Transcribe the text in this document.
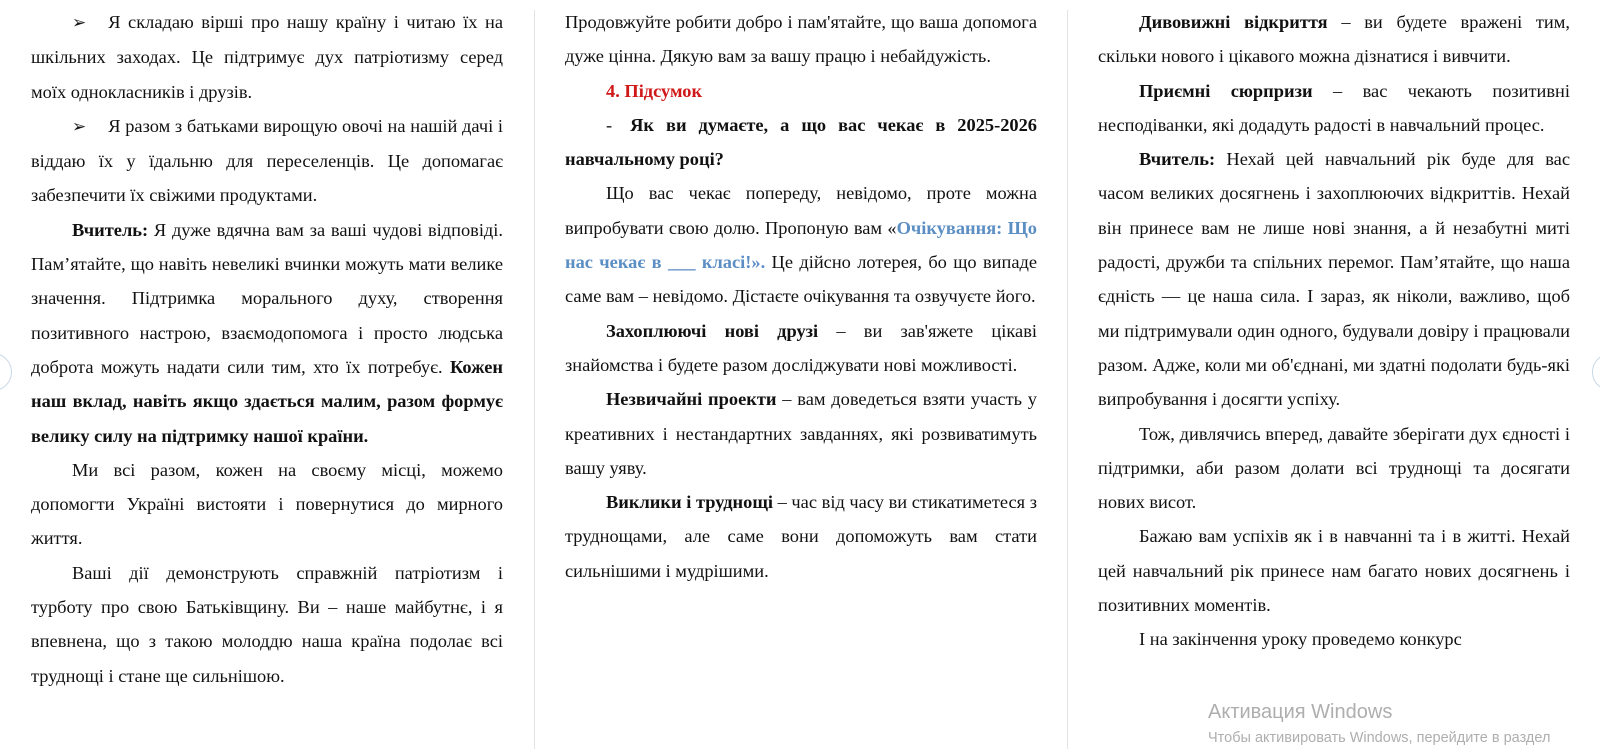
➢ Я складаю вірші про нашу країну і читаю їх на шкільних заходах. Це підтримує дух патріотизму серед моїх однокласників і друзів.

➢ Я разом з батьками вирощую овочі на нашій дачі і віддаю їх у їдальню для переселенців. Це допомагає забезпечити їх свіжими продуктами.

Вчитель: Я дуже вдячна вам за ваші чудові відповіді. Пам’ятайте, що навіть невеликі вчинки можуть мати велике значення. Підтримка морального духу, створення позитивного настрою, взаємодопомога і просто людська доброта можуть надати сили тим, хто їх потребує. Кожен наш вклад, навіть якщо здається малим, разом формує велику силу на підтримку нашої країни.

Ми всі разом, кожен на своєму місці, можемо допомогти Україні вистояти і повернутися до мирного життя.

Ваші дії демонструють справжній патріотизм і турботу про свою Батьківщину. Ви – наше майбутнє, і я впевнена, що з такою молоддю наша країна подолає всі труднощі і стане ще сильнішою.

Продовжуйте робити добро і пам'ятайте, що ваша допомога дуже цінна. Дякую вам за вашу працю і небайдужість.

4. Підсумок

- Як ви думаєте, а що вас чекає в 2025-2026 навчальному році?

Що вас чекає попереду, невідомо, проте можна випробувати свою долю. Пропоную вам «Очікування: Що нас чекає в ___ класі!». Це дійсно лотерея, бо що випаде саме вам – невідомо. Дістаєте очікування та озвучуєте його.

Захоплюючі нові друзі – ви зав'яжете цікаві знайомства і будете разом досліджувати нові можливості.

Незвичайні проекти – вам доведеться взяти участь у креативних і нестандартних завданнях, які розвиватимуть вашу уяву.

Виклики і труднощі – час від часу ви стикатиметеся з труднощами, але саме вони допоможуть вам стати сильнішими і мудрішими.

Дивовижні відкриття – ви будете вражені тим, скільки нового і цікавого можна дізнатися і вивчити.

Приємні сюрпризи – вас чекають позитивні несподіванки, які додадуть радості в навчальний процес.

Вчитель: Нехай цей навчальний рік буде для вас часом великих досягнень і захоплюючих відкриттів. Нехай він принесе вам не лише нові знання, а й незабутні миті радості, дружби та спільних перемог. Пам’ятайте, що наша єдність — це наша сила. І зараз, як ніколи, важливо, щоб ми підтримували один одного, будували довіру і працювали разом. Адже, коли ми об'єднані, ми здатні подолати будь-які випробування і досягти успіху.

Тож, дивлячись вперед, давайте зберігати дух єдності і підтримки, аби разом долати всі труднощі та досягати нових висот.

Бажаю вам успіхів як і в навчанні та і в житті. Нехай цей навчальний рік принесе нам багато нових досягнень і позитивних моментів.

І на закінчення уроку проведемо конкурс

Активация Windows
Чтобы активировать Windows, перейдите в раздел
